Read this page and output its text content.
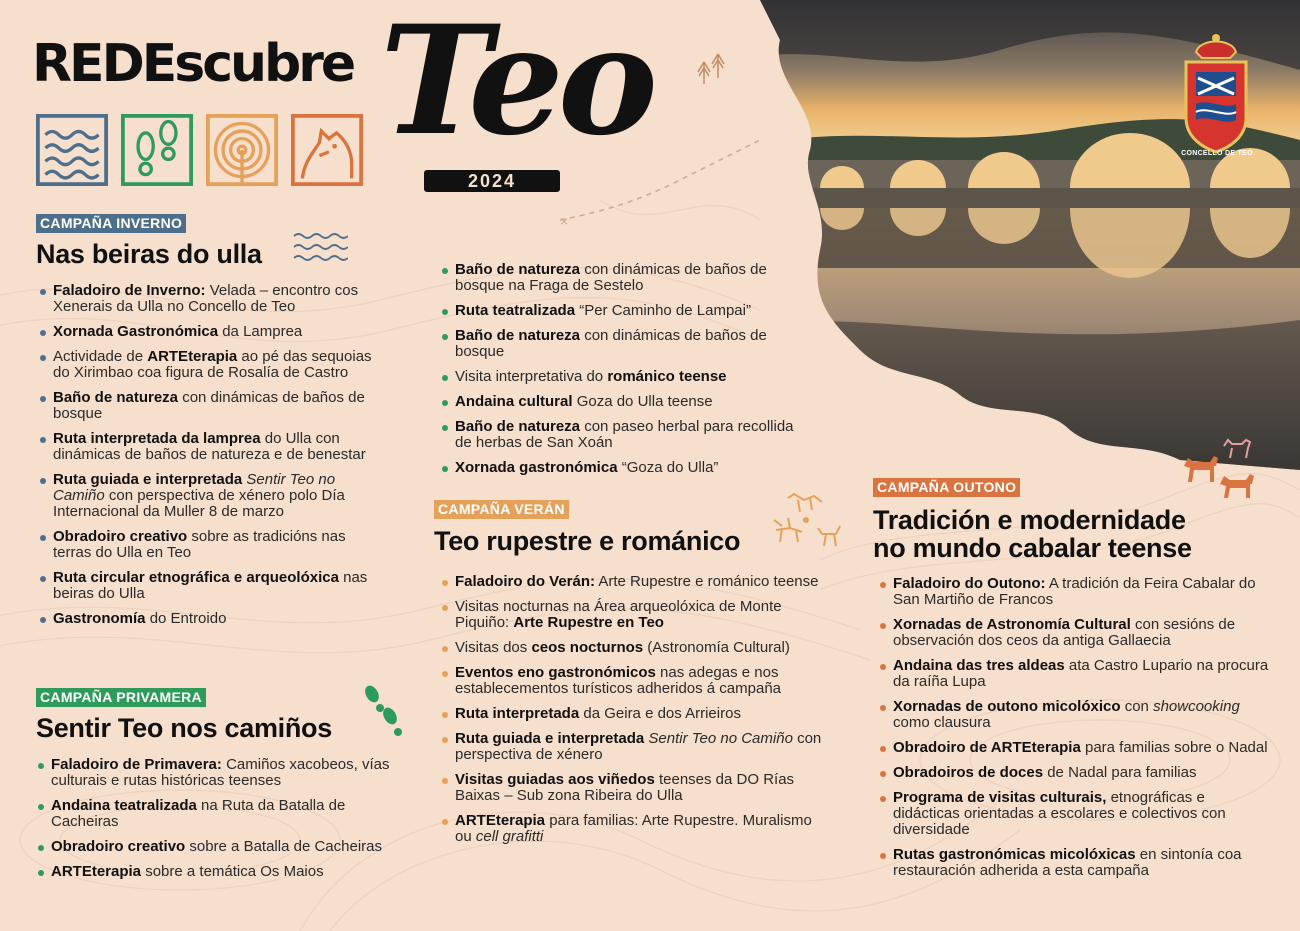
×
CONCELLO DE TEO
REDEscubre Teo
2024
CAMPAÑA INVERNO
Nas beiras do ulla
Faladoiro de Inverno: Velada – encontro cos Xenerais da Ulla no Concello de Teo
Xornada Gastronómica da Lamprea
Actividade de ARTEterapia ao pé das sequoias do Xirimbao coa figura de Rosalía de Castro
Baño de natureza con dinámicas de baños de bosque
Ruta interpretada da lamprea do Ulla con dinámicas de baños de natureza e de benestar
Ruta guiada e interpretada Sentir Teo no Camiño con perspectiva de xénero polo Día Internacional da Muller 8 de marzo
Obradoiro creativo sobre as tradicións nas terras do Ulla en Teo
Ruta circular etnográfica e arqueolóxica nas beiras do Ulla
Gastronomía do Entroido
CAMPAÑA PRIVAMERA
Sentir Teo nos camiños
Faladoiro de Primavera: Camiños xacobeos, vías culturais e rutas históricas teenses
Andaina teatralizada na Ruta da Batalla de Cacheiras
Obradoiro creativo sobre a Batalla de Cacheiras
ARTEterapia sobre a temática Os Maios
Baño de natureza con dinámicas de baños de bosque na Fraga de Sestelo
Ruta teatralizada “Per Caminho de Lampai”
Baño de natureza con dinámicas de baños de bosque
Visita interpretativa do románico teense
Andaina cultural Goza do Ulla teense
Baño de natureza con paseo herbal para recollida de herbas de San Xoán
Xornada gastronómica “Goza do Ulla”
CAMPAÑA VERÁN
Teo rupestre e románico
Faladoiro do Verán: Arte Rupestre e románico teense
Visitas nocturnas na Área arqueolóxica de Monte Piquiño: Arte Rupestre en Teo
Visitas dos ceos nocturnos (Astronomía Cultural)
Eventos eno gastronómicos nas adegas e nos establecementos turísticos adheridos á campaña
Ruta interpretada da Geira e dos Arrieiros
Ruta guiada e interpretada Sentir Teo no Camiño con perspectiva de xénero
Visitas guiadas aos viñedos teenses da DO Rías Baixas – Sub zona Ribeira do Ulla
ARTEterapia para familias: Arte Rupestre. Muralismo ou cell grafitti
CAMPAÑA OUTONO
Tradición e modernidade
no mundo cabalar teense
Faladoiro do Outono: A tradición da Feira Cabalar do San Martiño de Francos
Xornadas de Astronomía Cultural con sesións de observación dos ceos da antiga Gallaecia
Andaina das tres aldeas ata Castro Lupario na procura da raíña Lupa
Xornadas de outono micolóxico con showcooking como clausura
Obradoiro de ARTEterapia para familias sobre o Nadal
Obradoiros de doces de Nadal para familias
Programa de visitas culturais, etnográficas e didácticas orientadas a escolares e colectivos con diversidade
Rutas gastronómicas micolóxicas en sintonía coa restauración adherida a esta campaña
